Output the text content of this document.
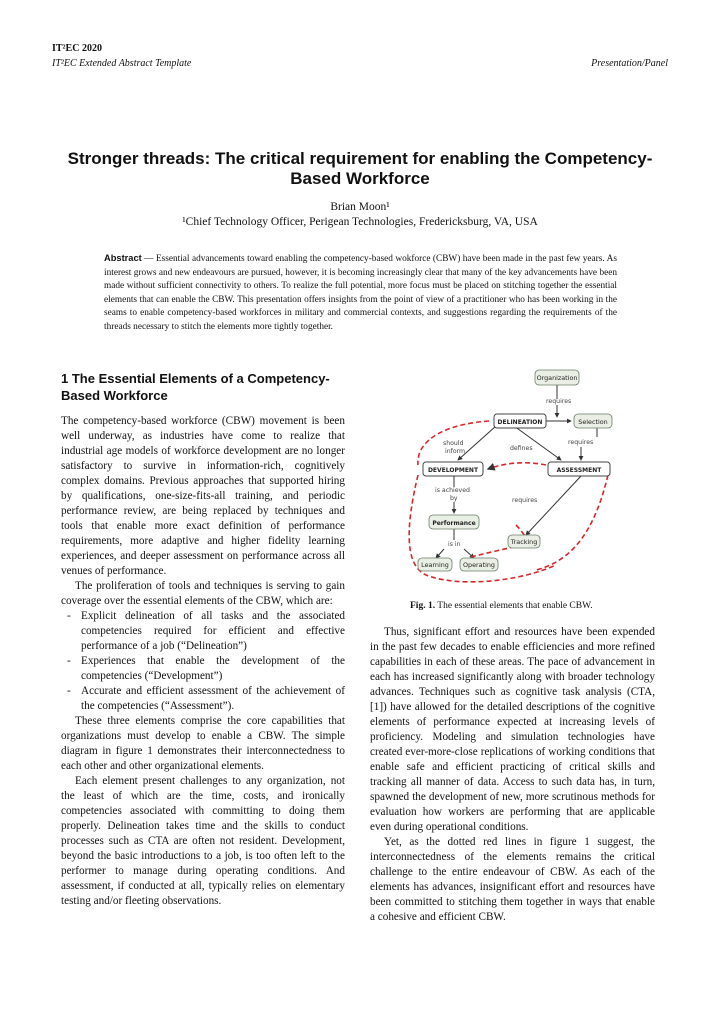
IT²EC 2020
IT²EC Extended Abstract Template	Presentation/Panel
Stronger threads: The critical requirement for enabling the Competency-Based Workforce
Brian Moon¹
¹Chief Technology Officer, Perigean Technologies, Fredericksburg, VA, USA
Abstract — Essential advancements toward enabling the competency-based wokforce (CBW) have been made in the past few years. As interest grows and new endeavours are pursued, however, it is becoming increasingly clear that many of the key advancements have been made without sufficient connectivity to others. To realize the full potential, more focus must be placed on stitching together the essential elements that can enable the CBW. This presentation offers insights from the point of view of a practitioner who has been working in the seams to enable competency-based workforces in military and commercial contexts, and suggestions regarding the requirements of the threads necessary to stitch the elements more tightly together.
1 The Essential Elements of a Competency-Based Workforce

The competency-based workforce (CBW) movement is been well underway, as industries have come to realize that industrial age models of workforce development are no longer satisfactory to survive in information-rich, cognitively complex domains. Previous approaches that supported hiring by qualifications, one-size-fits-all training, and periodic performance review, are being replaced by techniques and tools that enable more exact definition of performance requirements, more adaptive and higher fidelity learning experiences, and deeper assessment on performance across all venues of performance.

The proliferation of tools and techniques is serving to gain coverage over the essential elements of the CBW, which are:

- Explicit delineation of all tasks and the associated competencies required for efficient and effective performance of a job (“Delineation”)
- Experiences that enable the development of the competencies (“Development”)
- Accurate and efficient assessment of the achievement of the competencies (“Assessment”).

These three elements comprise the core capabilities that organizations must develop to enable a CBW. The simple diagram in figure 1 demonstrates their interconnectedness to each other and other organizational elements.

Each element present challenges to any organization, not the least of which are the time, costs, and ironically competencies associated with committing to doing them properly. Delineation takes time and the skills to conduct processes such as CTA are often not resident. Development, beyond the basic introductions to a job, is too often left to the performer to manage during operating conditions. And assessment, if conducted at all, typically relies on elementary testing and/or fleeting observations.

requires
requires
should
inform	defines
is achieved
by	requires
is in
Organization
DELINEATION	Selection
DEVELOPMENT	ASSESSMENT
Performance
Tracking
Learning Operating
Fig. 1. The essential elements that enable CBW.

Thus, significant effort and resources have been expended in the past few decades to enable efficiencies and more refined capabilities in each of these areas. The pace of advancement in each has increased significantly along with broader technology advances. Techniques such as cognitive task analysis (CTA, [1]) have allowed for the detailed descriptions of the cognitive elements of performance expected at increasing levels of proficiency. Modeling and simulation technologies have created ever-more-close replications of working conditions that enable safe and efficient practicing of critical skills and tracking all manner of data. Access to such data has, in turn, spawned the development of new, more scrutinous methods for evaluation how workers are performing that are applicable even during operational conditions.

Yet, as the dotted red lines in figure 1 suggest, the interconnectedness of the elements remains the critical challenge to the entire endeavour of CBW. As each of the elements has advances, insignificant effort and resources have been committed to stitching them together in ways that enable a cohesive and efficient CBW.
